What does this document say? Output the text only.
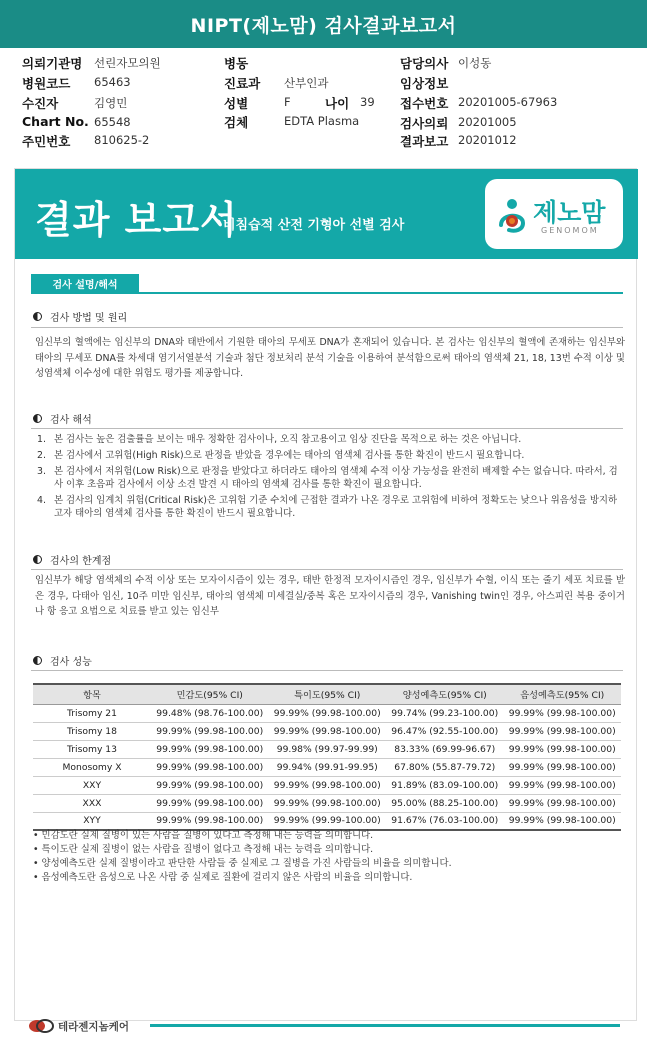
NIPT(제노맘) 검사결과보고서
의뢰기관명 선린자모의원
병원코드 65463
수진자	김영민
Chart No. 65548
주민번호 810625-2
병동
진료과 산부인과
성별	F	나이 39
검체	EDTA Plasma
담당의사 이성동
임상정보
접수번호 20201005-67963
검사의뢰 20201005
결과보고 20201012
결과 보고서
비침습적 산전 기형아 선별 검사	제노맘
GENOMOM
검사 설명/해석
검사 방법 및 원리
임신부의 혈액에는 임신부의 DNA와 태반에서 기원한 태아의 무세포 DNA가 혼재되어 있습니다. 본 검사는 임신부의 혈액에 존재하는 임신부와 태아의 무세포 DNA를 차세대 염기서열분석 기술과 첨단 정보처리 분석 기술을 이용하여 분석함으로써 태아의 염색체 21, 18, 13번 수적 이상 및 성염색체 이수성에 대한 위험도 평가를 제공합니다.
검사 해석
1. 본 검사는 높은 검출률을 보이는 매우 정확한 검사이나, 오직 참고용이고 임상 진단을 목적으로 하는 것은 아닙니다.
2. 본 검사에서 고위험(High Risk)으로 판정을 받았을 경우에는 태아의 염색체 검사를 통한 확진이 반드시 필요합니다.
3. 본 검사에서 저위험(Low Risk)으로 판정을 받았다고 하더라도 태아의 염색체 수적 이상 가능성을 완전히 배제할 수는 없습니다. 따라서, 검사 이후 초음파 검사에서 이상 소견 발견 시 태아의 염색체 검사를 통한 확진이 필요합니다.
4. 본 검사의 임계치 위험(Critical Risk)은 고위험 기준 수치에 근접한 결과가 나온 경우로 고위험에 비하여 정확도는 낮으나 위음성을 방지하고자 태아의 염색체 검사를 통한 확진이 반드시 필요합니다.
검사의 한계점
임신부가 해당 염색체의 수적 이상 또는 모자이시즘이 있는 경우, 태반 한정적 모자이시즘인 경우, 임신부가 수혈, 이식 또는 줄기 세포 치료를 받은 경우, 다태아 임신, 10주 미만 임신부, 태아의 염색체 미세결실/중복 혹은 모자이시즘의 경우, Vanishing twin인 경우, 아스피린 복용 중이거나 항 응고 요법으로 치료를 받고 있는 임신부
검사 성능
항목	민감도(95% CI)	특이도(95% CI)	양성예측도(95% CI)	음성예측도(95% CI)
Trisomy 21	99.48% (98.76-100.00)	99.99% (99.98-100.00)	99.74% (99.23-100.00)	99.99% (99.98-100.00)
Trisomy 18	99.99% (99.98-100.00)	99.99% (99.98-100.00)	96.47% (92.55-100.00)	99.99% (99.98-100.00)
Trisomy 13	99.99% (99.98-100.00)	99.98% (99.97-99.99)	83.33% (69.99-96.67)	99.99% (99.98-100.00)
Monosomy X	99.99% (99.98-100.00)	99.94% (99.91-99.95)	67.80% (55.87-79.72)	99.99% (99.98-100.00)
XXY	99.99% (99.98-100.00)	99.99% (99.98-100.00)	91.89% (83.09-100.00)	99.99% (99.98-100.00)
XXX	99.99% (99.98-100.00)	99.99% (99.98-100.00)	95.00% (88.25-100.00)	99.99% (99.98-100.00)
XYY	99.99% (99.98-100.00)	99.99% (99.99-100.00)	91.67% (76.03-100.00)	99.99% (99.98-100.00)
• 민감도란 실제 질병이 있는 사람을 질병이 있다고 측정해 내는 능력을 의미합니다.
• 특이도란 실제 질병이 없는 사람을 질병이 없다고 측정해 내는 능력을 의미합니다.
• 양성예측도란 실제 질병이라고 판단한 사람들 중 실제로 그 질병을 가진 사람들의 비율을 의미합니다.
• 음성예측도란 음성으로 나온 사람 중 실제로 질환에 걸리지 않은 사람의 비율을 의미합니다.
테라젠지놈케어
